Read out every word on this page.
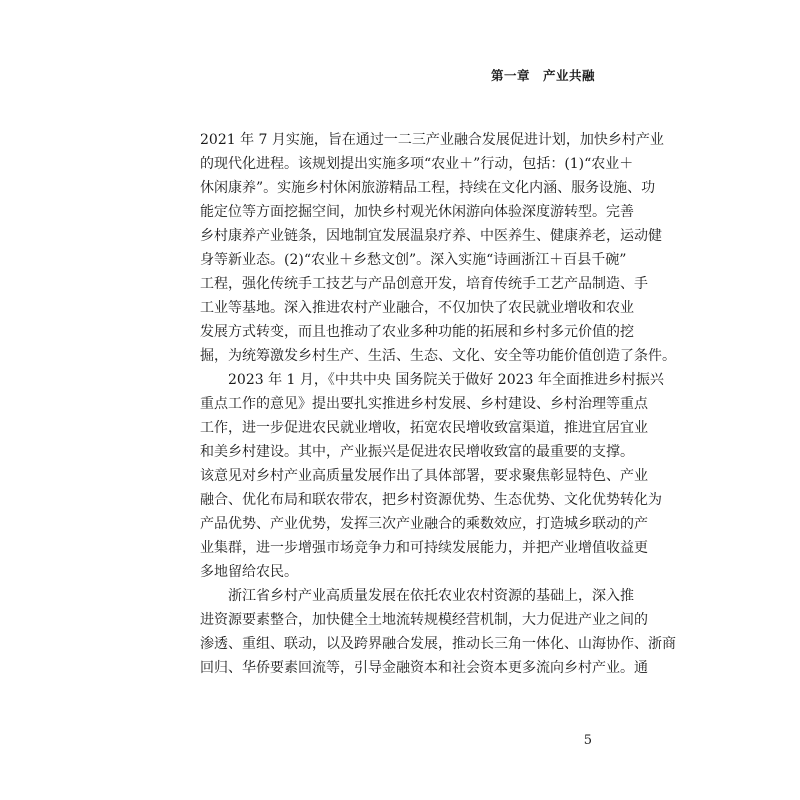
第一章　产业共融
2021 年 7 月实施，旨在通过一二三产业融合发展促进计划，加快乡村产业
的现代化进程。该规划提出实施多项“农业＋”行动，包括：(1)“农业＋
休闲康养”。实施乡村休闲旅游精品工程，持续在文化内涵、服务设施、功
能定位等方面挖掘空间，加快乡村观光休闲游向体验深度游转型。完善
乡村康养产业链条，因地制宜发展温泉疗养、中医养生、健康养老，运动健
身等新业态。(2)“农业＋乡愁文创”。深入实施“诗画浙江＋百县千碗”
工程，强化传统手工技艺与产品创意开发，培育传统手工艺产品制造、手
工业等基地。深入推进农村产业融合，不仅加快了农民就业增收和农业
发展方式转变，而且也推动了农业多种功能的拓展和乡村多元价值的挖
掘，为统筹激发乡村生产、生活、生态、文化、安全等功能价值创造了条件。
2023 年 1 月，《中共中央 国务院关于做好 2023 年全面推进乡村振兴
重点工作的意见》提出要扎实推进乡村发展、乡村建设、乡村治理等重点
工作，进一步促进农民就业增收，拓宽农民增收致富渠道，推进宜居宜业
和美乡村建设。其中，产业振兴是促进农民增收致富的最重要的支撑。
该意见对乡村产业高质量发展作出了具体部署，要求聚焦彰显特色、产业
融合、优化布局和联农带农，把乡村资源优势、生态优势、文化优势转化为
产品优势、产业优势，发挥三次产业融合的乘数效应，打造城乡联动的产
业集群，进一步增强市场竞争力和可持续发展能力，并把产业增值收益更
多地留给农民。
浙江省乡村产业高质量发展在依托农业农村资源的基础上，深入推
进资源要素整合，加快健全土地流转规模经营机制，大力促进产业之间的
渗透、重组、联动，以及跨界融合发展，推动长三角一体化、山海协作、浙商
回归、华侨要素回流等，引导金融资本和社会资本更多流向乡村产业。通
5
